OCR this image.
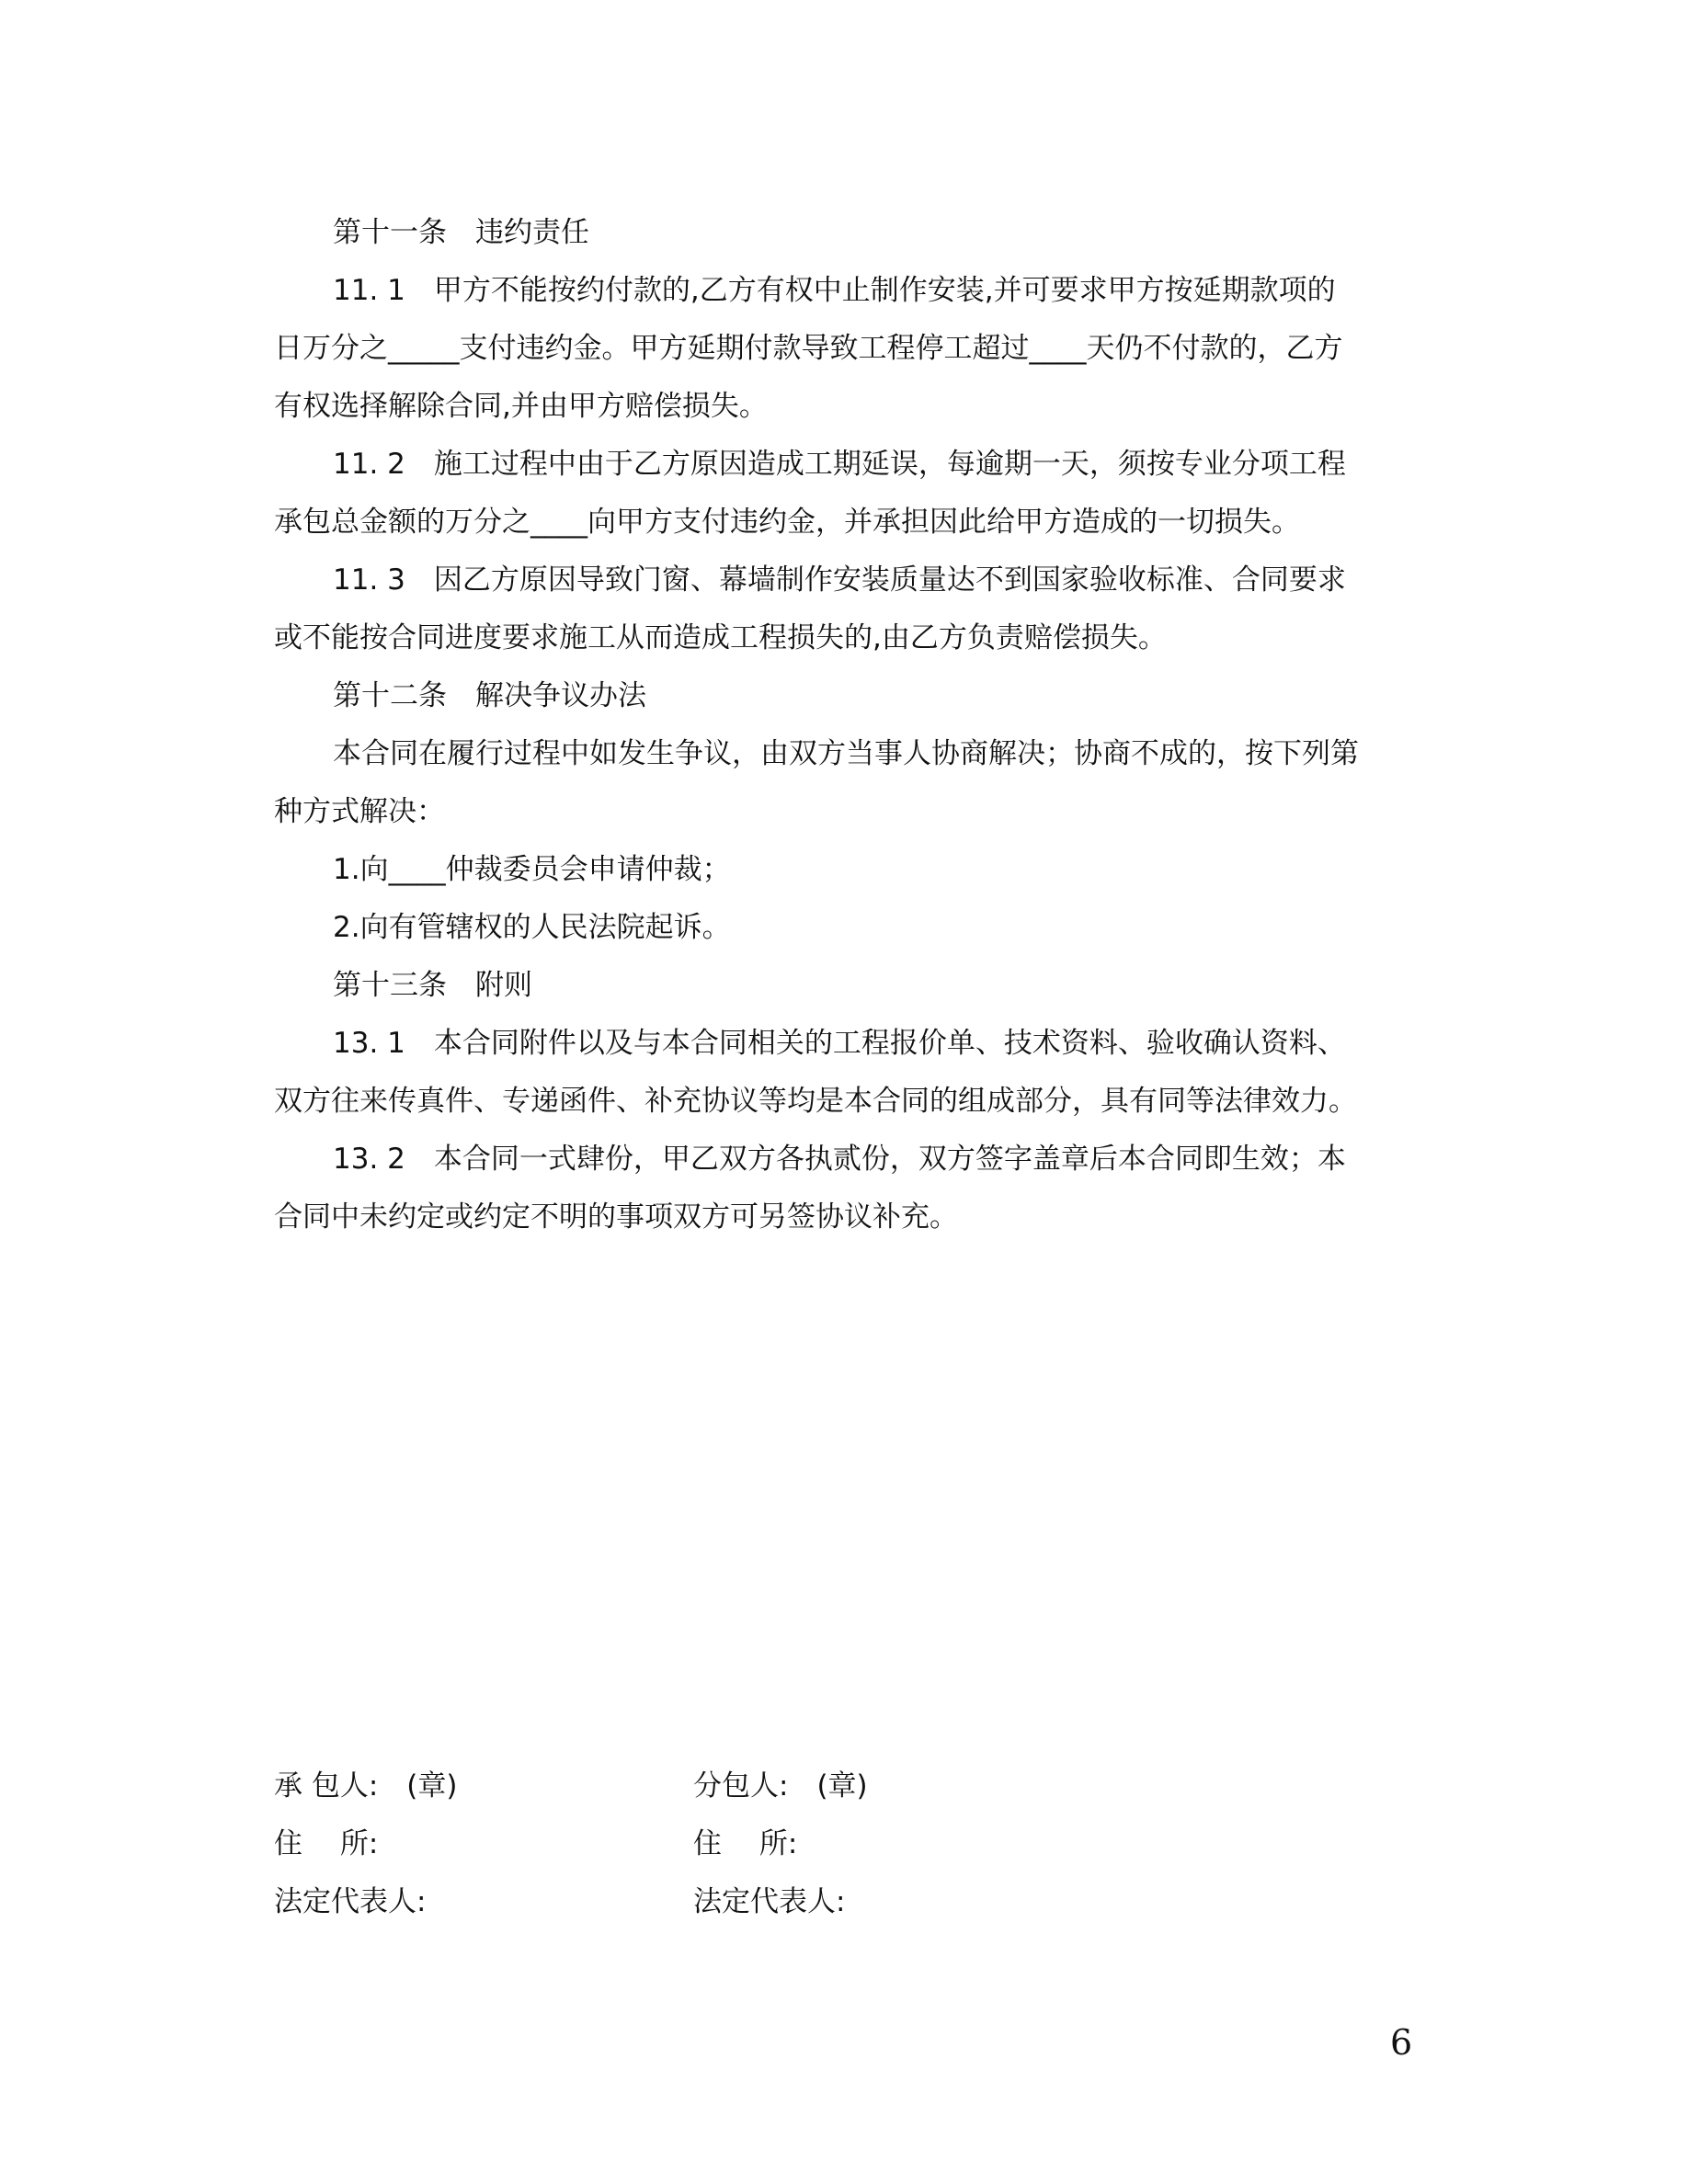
第十一条　违约责任
11. 1　甲方不能按约付款的,乙方有权中止制作安装,并可要求甲方按延期款项的
日万分之_____支付违约金。甲方延期付款导致工程停工超过____天仍不付款的，乙方
有权选择解除合同,并由甲方赔偿损失。
11. 2　施工过程中由于乙方原因造成工期延误，每逾期一天，须按专业分项工程
承包总金额的万分之____向甲方支付违约金，并承担因此给甲方造成的一切损失。
11. 3　因乙方原因导致门窗、幕墙制作安装质量达不到国家验收标准、合同要求
或不能按合同进度要求施工从而造成工程损失的,由乙方负责赔偿损失。
第十二条　解决争议办法
本合同在履行过程中如发生争议，由双方当事人协商解决；协商不成的，按下列第
种方式解决：
1.向____仲裁委员会申请仲裁；
2.向有管辖权的人民法院起诉。
第十三条　附则
13. 1　本合同附件以及与本合同相关的工程报价单、技术资料、验收确认资料、
双方往来传真件、专递函件、补充协议等均是本合同的组成部分，具有同等法律效力。
13. 2　本合同一式肆份，甲乙双方各执贰份，双方签字盖章后本合同即生效；本
合同中未约定或约定不明的事项双方可另签协议补充。
承 包人:　(章)
住　 所:
法定代表人:
分包人:　(章)
住　 所:
法定代表人:
6
